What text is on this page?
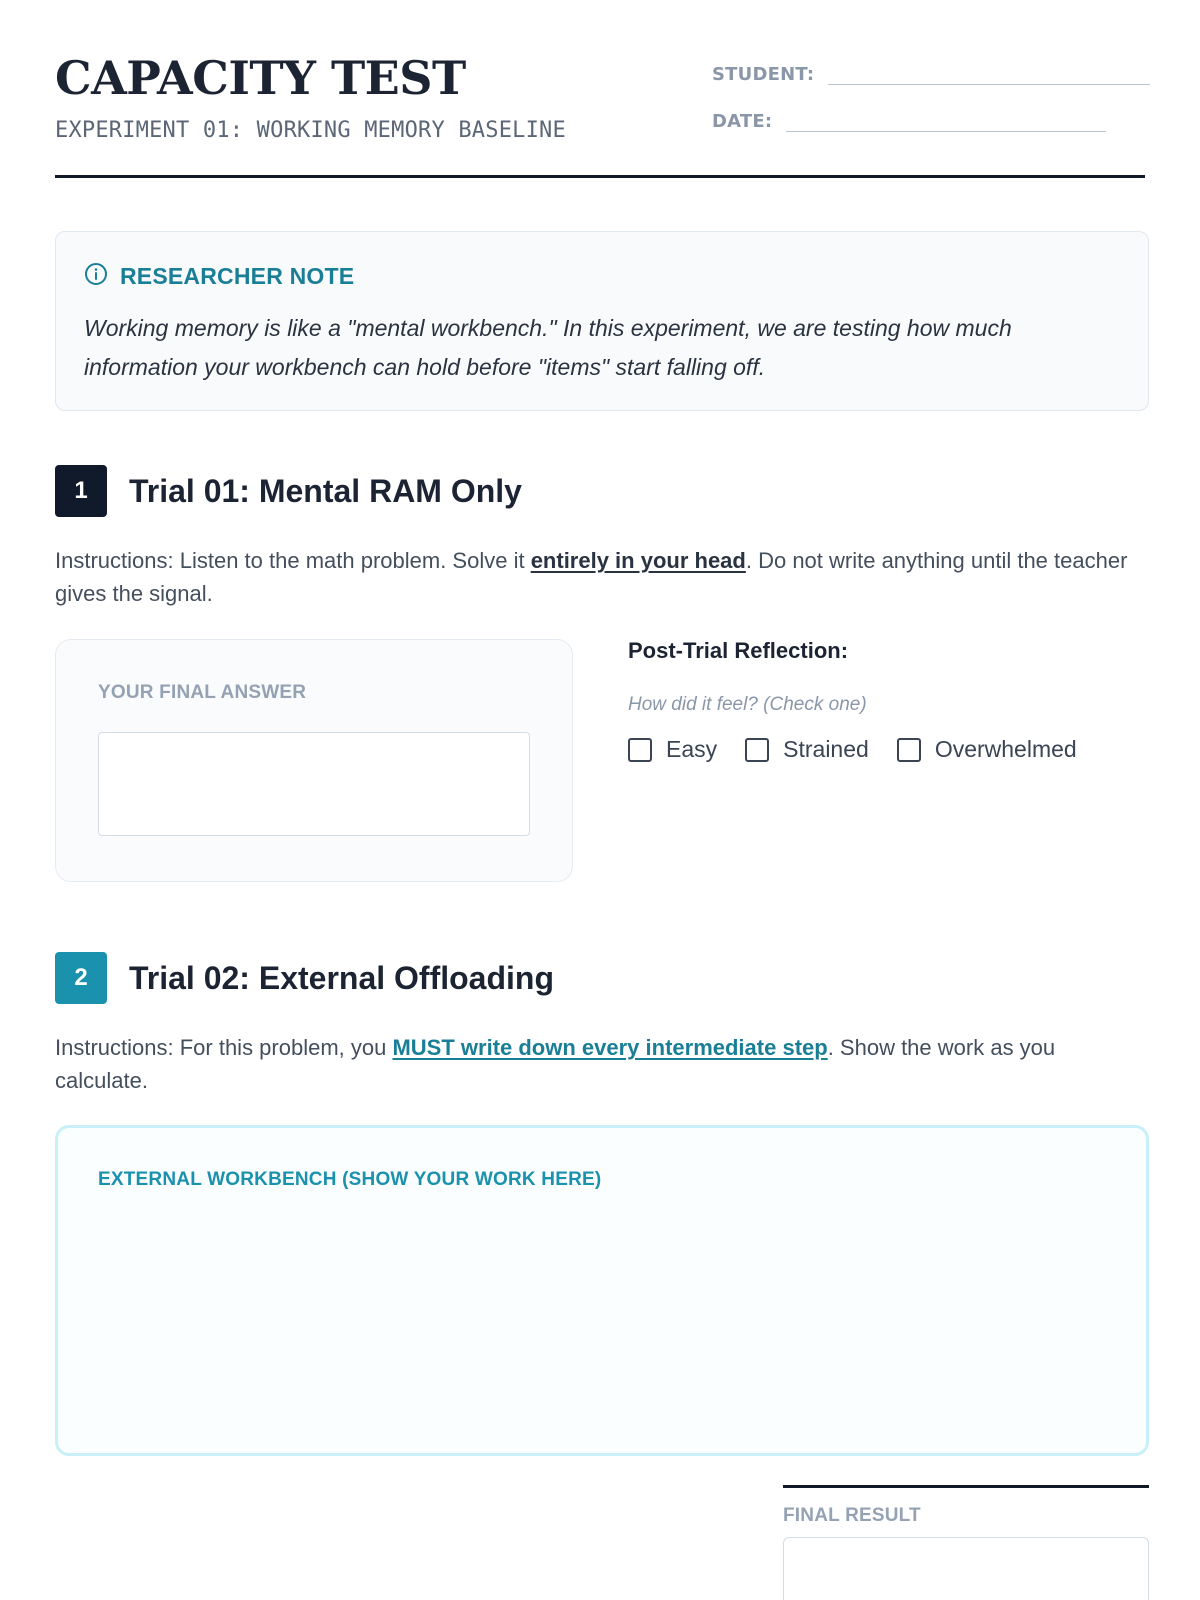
CAPACITY TEST
EXPERIMENT 01: WORKING MEMORY BASELINE
STUDENT:
DATE:
RESEARCHER NOTE
Working memory is like a "mental workbench." In this experiment, we are testing how much information your workbench can hold before "items" start falling off.
1	Trial 01: Mental RAM Only
Instructions: Listen to the math problem. Solve it entirely in your head. Do not write anything until the teacher gives the signal.
YOUR FINAL ANSWER
Post-Trial Reflection:
How did it feel? (Check one)
Easy	Strained	Overwhelmed
2	Trial 02: External Offloading
Instructions: For this problem, you MUST write down every intermediate step. Show the work as you calculate.
EXTERNAL WORKBENCH (SHOW YOUR WORK HERE)
FINAL RESULT
